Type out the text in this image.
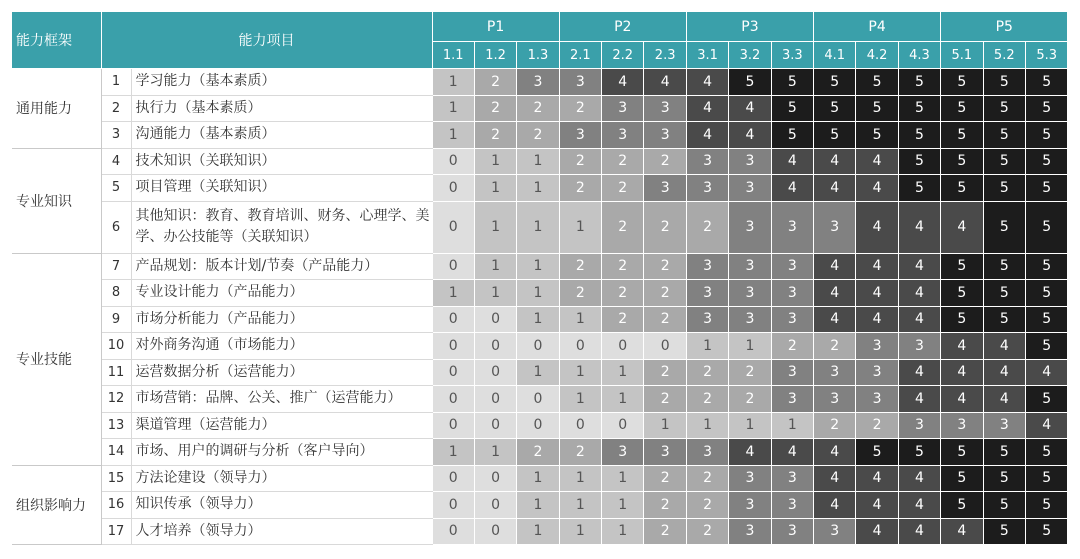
能力框架	能力项目		P1			P2			P3			P4			P5		
			1.1	1.2	1.3	2.1	2.2	2.3	3.1	3.2	3.3	4.1	4.2	4.3	5.1	5.2	5.3
通用能力	1	学习能力（基本素质）	1	2	3	3	4	4	4	5	5	5	5	5	5	5	5
	2	执行力（基本素质）	1	2	2	2	3	3	4	4	5	5	5	5	5	5	5
	3	沟通能力（基本素质）	1	2	2	3	3	3	4	4	5	5	5	5	5	5	5
专业知识	4	技术知识（关联知识）	0	1	1	2	2	2	3	3	4	4	4	5	5	5	5
	5	项目管理（关联知识）	0	1	1	2	2	3	3	3	4	4	4	5	5	5	5
	6	其他知识：教育、教育培训、财务、心理学、美学、办公技能等（关联知识）	0	1	1	1	2	2	2	3	3	3	4	4	4	5	5
专业技能	7	产品规划：版本计划/节奏（产品能力）	0	1	1	2	2	2	3	3	3	4	4	4	5	5	5
	8	专业设计能力（产品能力）	1	1	1	2	2	2	3	3	3	4	4	4	5	5	5
	9	市场分析能力（产品能力）	0	0	1	1	2	2	3	3	3	4	4	4	5	5	5
	10	对外商务沟通（市场能力）	0	0	0	0	0	0	1	1	2	2	3	3	4	4	5
	11	运营数据分析（运营能力）	0	0	1	1	1	2	2	2	3	3	3	4	4	4	4
	12	市场营销：品牌、公关、推广（运营能力）	0	0	0	1	1	2	2	2	3	3	3	4	4	4	5
	13	渠道管理（运营能力）	0	0	0	0	0	1	1	1	1	2	2	3	3	3	4
	14	市场、用户的调研与分析（客户导向）	1	1	2	2	3	3	3	4	4	4	5	5	5	5	5
组织影响力	15	方法论建设（领导力）	0	0	1	1	1	2	2	3	3	4	4	4	5	5	5
	16	知识传承（领导力）	0	0	1	1	1	2	2	3	3	4	4	4	5	5	5
	17	人才培养（领导力）	0	0	1	1	1	2	2	3	3	3	4	4	4	5	5
